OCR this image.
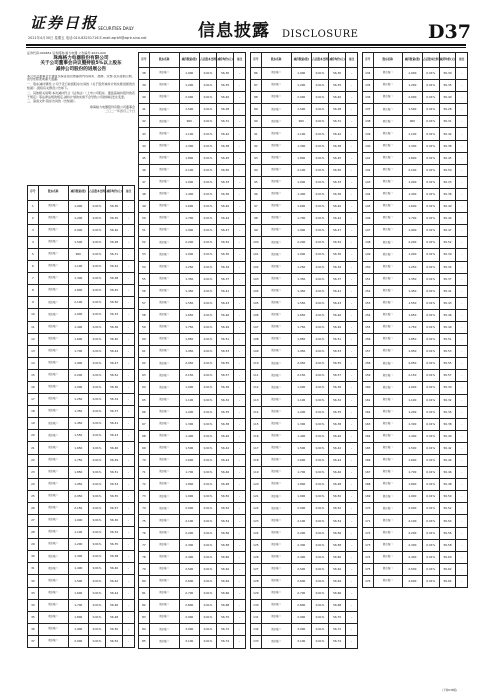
证券日报 SECURITIES DAILY
2021年4月30日 星期五 电话:010-83251716 E-mail:zqrb9@zqrb.sina.net	信息披露 DISCLOSURE	D37
证券代码:000651 证券简称:格力电器 公告编号:2021-020
珠海格力电器股份有限公司
关于公司董事会决议暨持股5%以上股东
减持公司股份的进展公告

本公司及董事会全体成员保证信息披露的内容真实、准确、完整,没有虚假记载、误导性陈述或重大遗漏。

一、股东减持情况:公司于近日收到股东出具的《关于股份减持计划实施进展的告知函》,现将有关情况公告如下。

二、其他相关说明:本次减持符合《证券法》《上市公司股东、董监高减持股份的若干规定》等法律法规的规定,减持计划的实施不会导致公司控制权发生变更。

三、备查文件:股东出具的《告知函》。

珠海格力电器股份有限公司董事会

二〇二一年四月三十日

序号	股东名称	减持数量(股)	占总股本比例	减持均价(元)	备注
1	股东账户	1,000	0.01%	56.30	-
2	股东账户	1,200	0.01%	56.35	-
3	股东账户	2,000	0.01%	56.40	-
4	股东账户	1,500	0.01%	56.28	-
5	股东账户	900	0.01%	56.31	-
6	股东账户	1,100	0.01%	56.42	-
7	股东账户	1,300	0.01%	56.38	-
8	股东账户	1,800	0.01%	56.45	-
9	股东账户	2,100	0.01%	56.50	-
10	股东账户	1,000	0.01%	56.33	-
11	股东账户	1,400	0.01%	56.36	-
12	股东账户	1,600	0.01%	56.40	-
13	股东账户	1,700	0.01%	56.44	-
14	股东账户	1,900	0.01%	56.47	-
15	股东账户	2,200	0.01%	56.52	-
16	股东账户	1,000	0.01%	56.30	-
17	股东账户	1,250	0.01%	56.34	-
18	股东账户	1,350	0.01%	56.37	-
19	股东账户	1,450	0.01%	56.41	-
20	股东账户	1,550	0.01%	56.43	-
21	股东账户	1,650	0.01%	56.46	-
22	股东账户	1,750	0.01%	56.49	-
23	股东账户	1,850	0.01%	56.51	-
24	股东账户	1,950	0.01%	56.53	-
25	股东账户	2,050	0.01%	56.55	-
26	股东账户	2,150	0.01%	56.57	-
27	股东账户	1,000	0.01%	56.30	-
28	股东账户	1,100	0.01%	56.32	-
29	股东账户	1,200	0.01%	56.35	-
30	股东账户	1,300	0.01%	56.38	-
31	股东账户	1,400	0.01%	56.40	-
32	股东账户	1,500	0.01%	56.42	-
33	股东账户	1,600	0.01%	56.44	-
34	股东账户	1,700	0.01%	56.46	-
35	股东账户	1,800	0.01%	56.48	-
36	股东账户	1,900	0.01%	56.50	-
37	股东账户	2,000	0.01%	56.52	-
序号	股东名称	减持数量(股)	占总股本比例	减持均价(元)	备注
38	股东账户	1,000	0.01%	56.30	-
39	股东账户	1,200	0.01%	56.35	-
40	股东账户	2,000	0.01%	56.40	-
41	股东账户	1,500	0.01%	56.28	-
42	股东账户	900	0.01%	56.31	-
43	股东账户	1,100	0.01%	56.42	-
44	股东账户	1,300	0.01%	56.38	-
45	股东账户	1,800	0.01%	56.45	-
46	股东账户	2,100	0.01%	56.50	-
47	股东账户	1,000	0.01%	56.33	-
48	股东账户	1,400	0.01%	56.36	-
49	股东账户	1,600	0.01%	56.40	-
50	股东账户	1,700	0.01%	56.44	-
51	股东账户	1,900	0.01%	56.47	-
52	股东账户	2,200	0.01%	56.52	-
53	股东账户	1,000	0.01%	56.30	-
54	股东账户	1,250	0.01%	56.34	-
55	股东账户	1,350	0.01%	56.37	-
56	股东账户	1,450	0.01%	56.41	-
57	股东账户	1,550	0.01%	56.43	-
58	股东账户	1,650	0.01%	56.46	-
59	股东账户	1,750	0.01%	56.49	-
60	股东账户	1,850	0.01%	56.51	-
61	股东账户	1,950	0.01%	56.53	-
62	股东账户	2,050	0.01%	56.55	-
63	股东账户	2,150	0.01%	56.57	-
64	股东账户	1,000	0.01%	56.30	-
65	股东账户	1,100	0.01%	56.32	-
66	股东账户	1,200	0.01%	56.35	-
67	股东账户	1,300	0.01%	56.38	-
68	股东账户	1,400	0.01%	56.40	-
69	股东账户	1,500	0.01%	56.42	-
70	股东账户	1,600	0.01%	56.44	-
71	股东账户	1,700	0.01%	56.46	-
72	股东账户	1,800	0.01%	56.48	-
73	股东账户	1,900	0.01%	56.50	-
74	股东账户	2,000	0.01%	56.52	-
75	股东账户	2,100	0.01%	56.54	-
76	股东账户	2,200	0.01%	56.56	-
77	股东账户	2,300	0.01%	56.58	-
78	股东账户	2,400	0.01%	56.60	-
79	股东账户	2,500	0.01%	56.62	-
80	股东账户	2,600	0.01%	56.64	-
81	股东账户	2,700	0.01%	56.66	-
82	股东账户	2,800	0.01%	56.68	-
83	股东账户	2,900	0.01%	56.70	-
84	股东账户	3,000	0.01%	56.72	-
85	股东账户	3,100	0.01%	56.74	-
序号	股东名称	减持数量(股)	占总股本比例	减持均价(元)	备注
86	股东账户	1,000	0.01%	56.30	-
87	股东账户	1,200	0.01%	56.35	-
88	股东账户	2,000	0.01%	56.40	-
89	股东账户	1,500	0.01%	56.28	-
90	股东账户	900	0.01%	56.31	-
91	股东账户	1,100	0.01%	56.42	-
92	股东账户	1,300	0.01%	56.38	-
93	股东账户	1,800	0.01%	56.45	-
94	股东账户	2,100	0.01%	56.50	-
95	股东账户	1,000	0.01%	56.33	-
96	股东账户	1,400	0.01%	56.36	-
97	股东账户	1,600	0.01%	56.40	-
98	股东账户	1,700	0.01%	56.44	-
99	股东账户	1,900	0.01%	56.47	-
100	股东账户	2,200	0.01%	56.52	-
101	股东账户	1,000	0.01%	56.30	-
102	股东账户	1,250	0.01%	56.34	-
103	股东账户	1,350	0.01%	56.37	-
104	股东账户	1,450	0.01%	56.41	-
105	股东账户	1,550	0.01%	56.43	-
106	股东账户	1,650	0.01%	56.46	-
107	股东账户	1,750	0.01%	56.49	-
108	股东账户	1,850	0.01%	56.51	-
109	股东账户	1,950	0.01%	56.53	-
110	股东账户	2,050	0.01%	56.55	-
111	股东账户	2,150	0.01%	56.57	-
112	股东账户	1,000	0.01%	56.30	-
113	股东账户	1,100	0.01%	56.32	-
114	股东账户	1,200	0.01%	56.35	-
115	股东账户	1,300	0.01%	56.38	-
116	股东账户	1,400	0.01%	56.40	-
117	股东账户	1,500	0.01%	56.42	-
118	股东账户	1,600	0.01%	56.44	-
119	股东账户	1,700	0.01%	56.46	-
120	股东账户	1,800	0.01%	56.48	-
121	股东账户	1,900	0.01%	56.50	-
122	股东账户	2,000	0.01%	56.52	-
123	股东账户	2,100	0.01%	56.54	-
124	股东账户	2,200	0.01%	56.56	-
125	股东账户	2,300	0.01%	56.58	-
126	股东账户	2,400	0.01%	56.60	-
127	股东账户	2,500	0.01%	56.62	-
128	股东账户	2,600	0.01%	56.64	-
129	股东账户	2,700	0.01%	56.66	-
130	股东账户	2,800	0.01%	56.68	-
131	股东账户	2,900	0.01%	56.70	-
132	股东账户	3,000	0.01%	56.72	-
133	股东账户	3,100	0.01%	56.74	-
序号	股东名称	减持数量(股)	占总股本比例	减持均价(元)	备注
134	股东账户	1,000	0.01%	56.30	-
135	股东账户	1,200	0.01%	56.35	-
136	股东账户	2,000	0.01%	56.40	-
137	股东账户	1,500	0.01%	56.28	-
138	股东账户	900	0.01%	56.31	-
139	股东账户	1,100	0.01%	56.42	-
140	股东账户	1,300	0.01%	56.38	-
141	股东账户	1,800	0.01%	56.45	-
142	股东账户	2,100	0.01%	56.50	-
143	股东账户	1,000	0.01%	56.33	-
144	股东账户	1,400	0.01%	56.36	-
145	股东账户	1,600	0.01%	56.40	-
146	股东账户	1,700	0.01%	56.44	-
147	股东账户	1,900	0.01%	56.47	-
148	股东账户	2,200	0.01%	56.52	-
149	股东账户	1,000	0.01%	56.30	-
150	股东账户	1,250	0.01%	56.34	-
151	股东账户	1,350	0.01%	56.37	-
152	股东账户	1,450	0.01%	56.41	-
153	股东账户	1,550	0.01%	56.43	-
154	股东账户	1,650	0.01%	56.46	-
155	股东账户	1,750	0.01%	56.49	-
156	股东账户	1,850	0.01%	56.51	-
157	股东账户	1,950	0.01%	56.53	-
158	股东账户	2,050	0.01%	56.55	-
159	股东账户	2,150	0.01%	56.57	-
160	股东账户	1,000	0.01%	56.30	-
161	股东账户	1,100	0.01%	56.32	-
162	股东账户	1,200	0.01%	56.35	-
163	股东账户	1,300	0.01%	56.38	-
164	股东账户	1,400	0.01%	56.40	-
165	股东账户	1,500	0.01%	56.42	-
166	股东账户	1,600	0.01%	56.44	-
167	股东账户	1,700	0.01%	56.46	-
168	股东账户	1,800	0.01%	56.48	-
169	股东账户	1,900	0.01%	56.50	-
170	股东账户	2,000	0.01%	56.52	-
171	股东账户	2,100	0.01%	56.54	-
172	股东账户	2,200	0.01%	56.56	-
173	股东账户	2,300	0.01%	56.58	-
174	股东账户	2,400	0.01%	56.60	-
175	股东账户	2,500	0.01%	56.62	-
176	股东账户	2,600	0.01%	56.64	-
(下转D38版)
